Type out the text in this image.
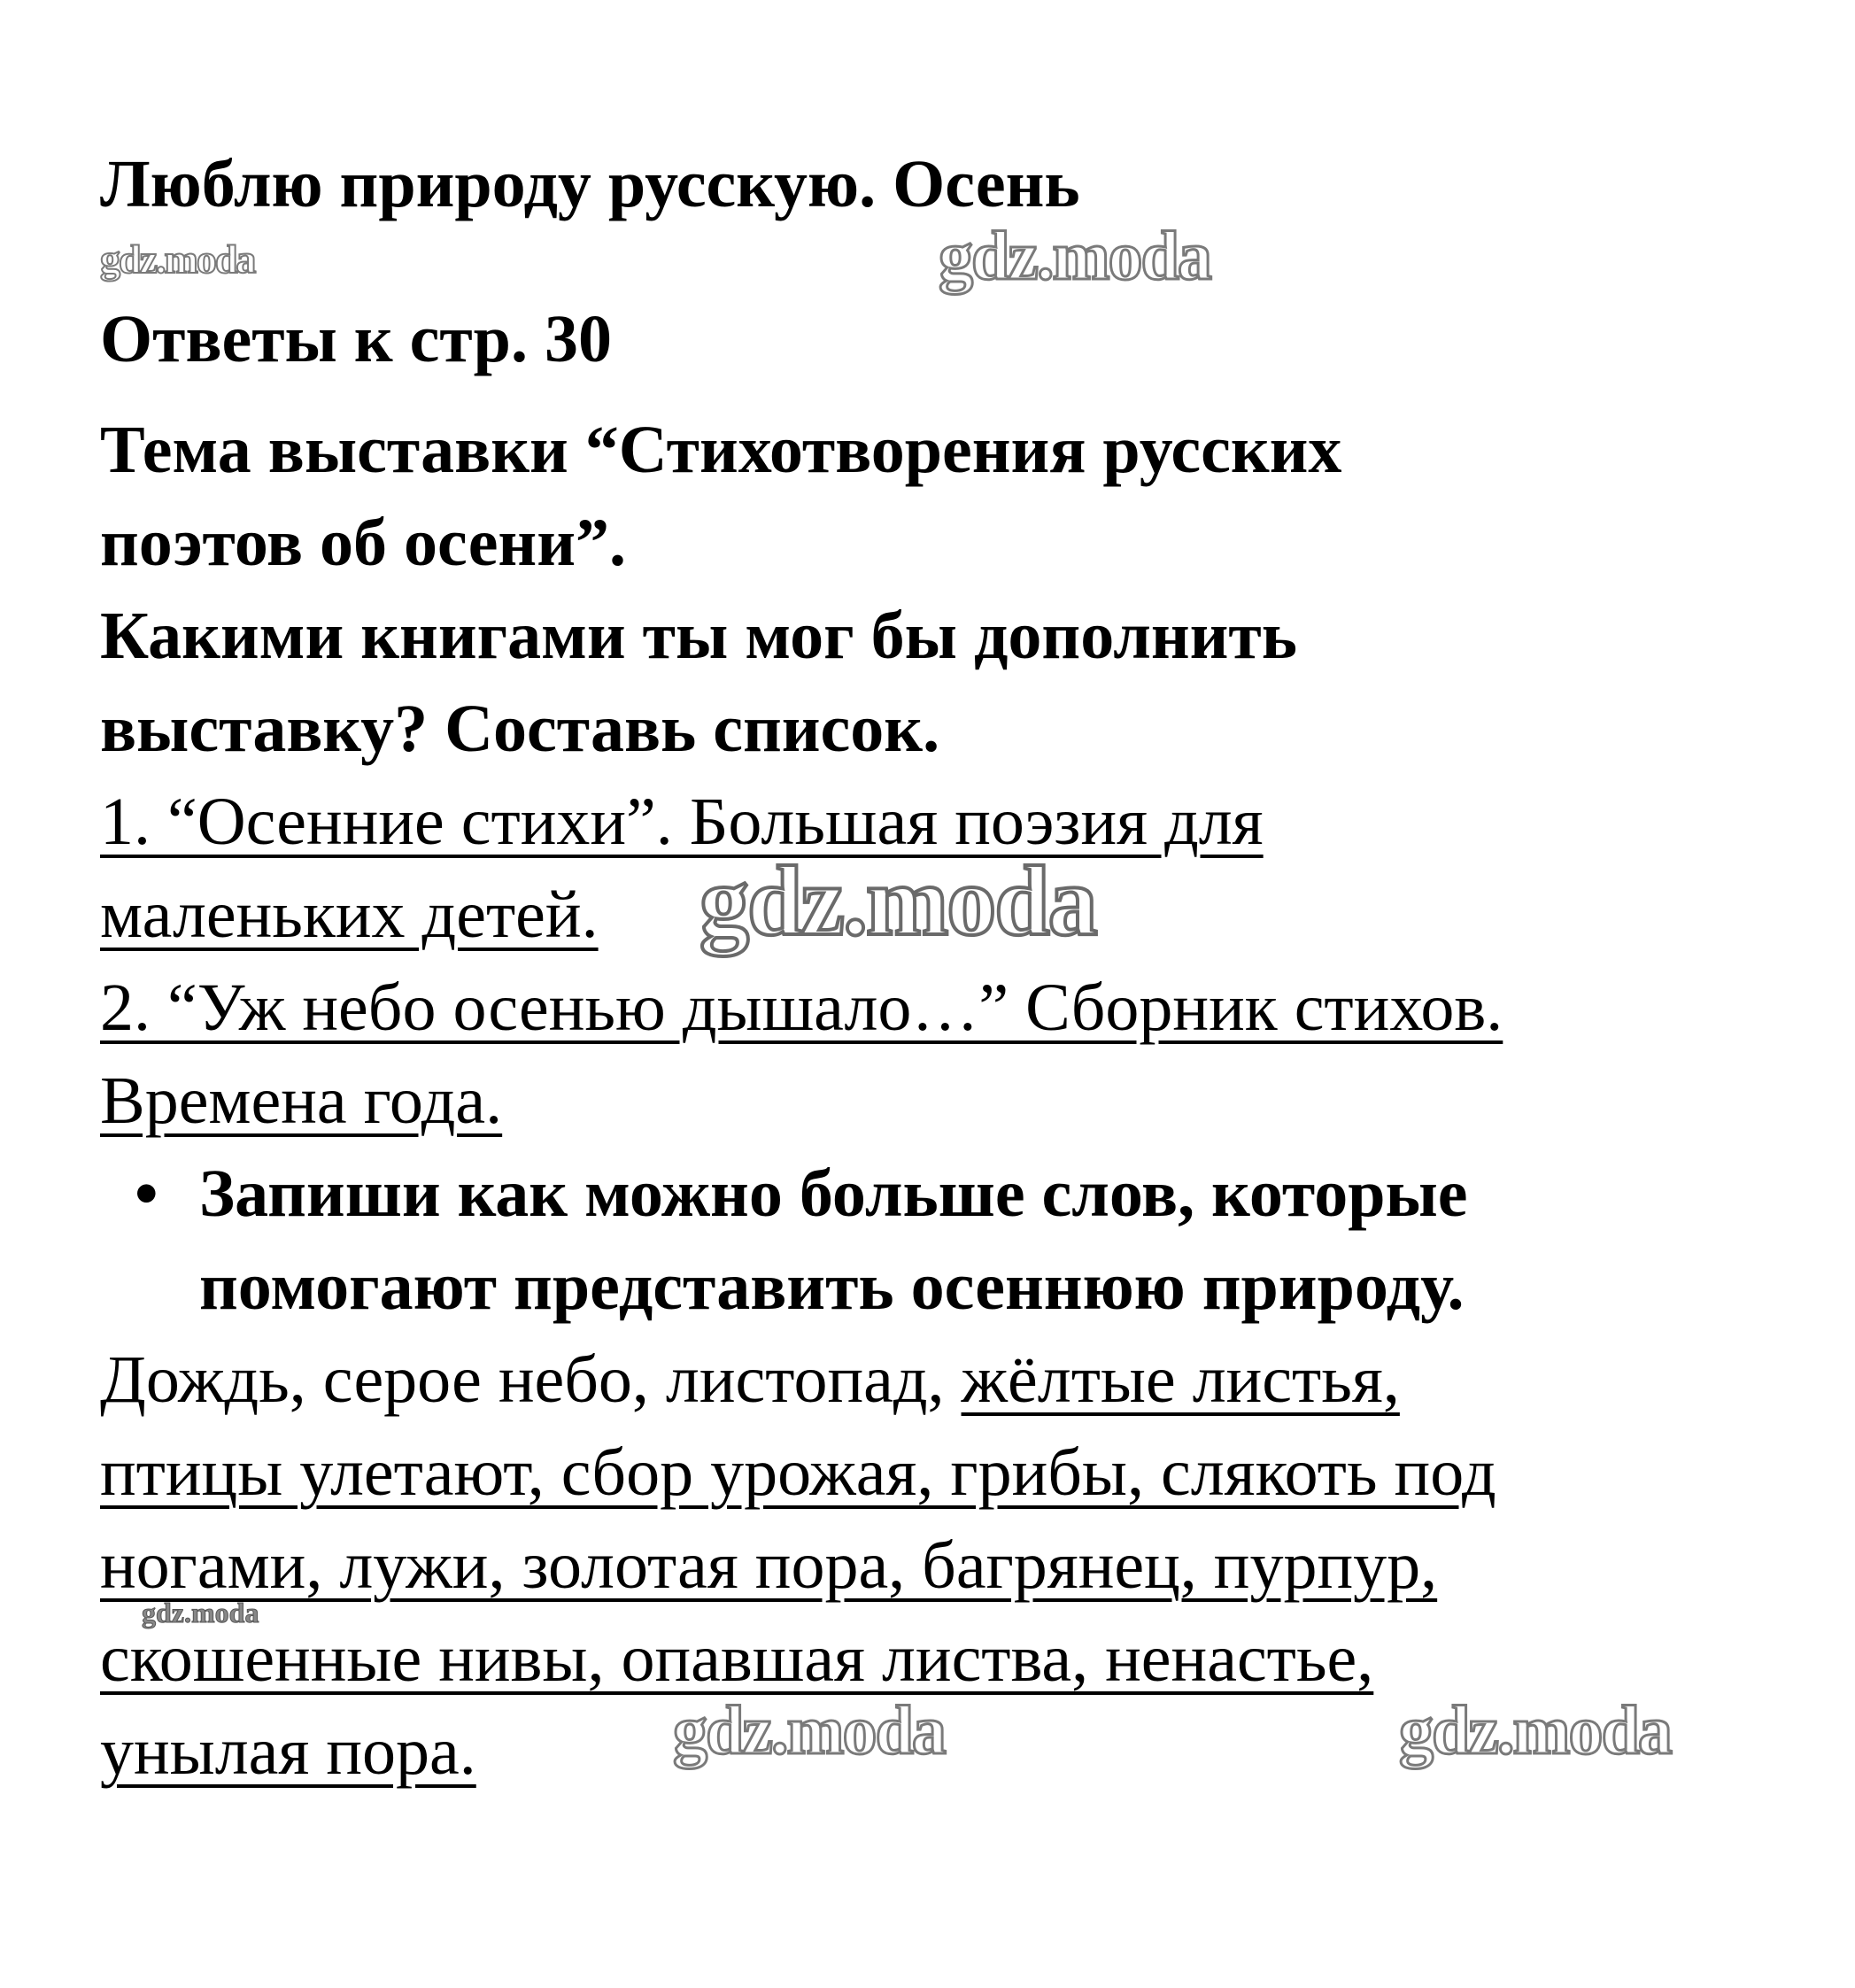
Люблю природу русскую. Осень
gdz.moda	gdz.moda
Ответы к стр. 30
Тема выставки “Стихотворения русских
поэтов об осени”.
Какими книгами ты мог бы дополнить
выставку? Составь список.
1. “Осенние стихи”. Большая поэзия для
маленьких детей. gdz.moda
2. “Уж небо осенью дышало…” Сборник стихов.
Времена года.
• Запиши как можно больше слов, которые
помогают представить осеннюю природу.
Дождь, серое небо, листопад, жёлтые листья,
птицы улетают, сбор урожая, грибы, слякоть под
ногами, лужи, золотая пора, багрянец, пурпур,
gdz.moda
скошенные нивы, опавшая листва, ненастье,
унылая пора.	gdz.moda	gdz.moda
